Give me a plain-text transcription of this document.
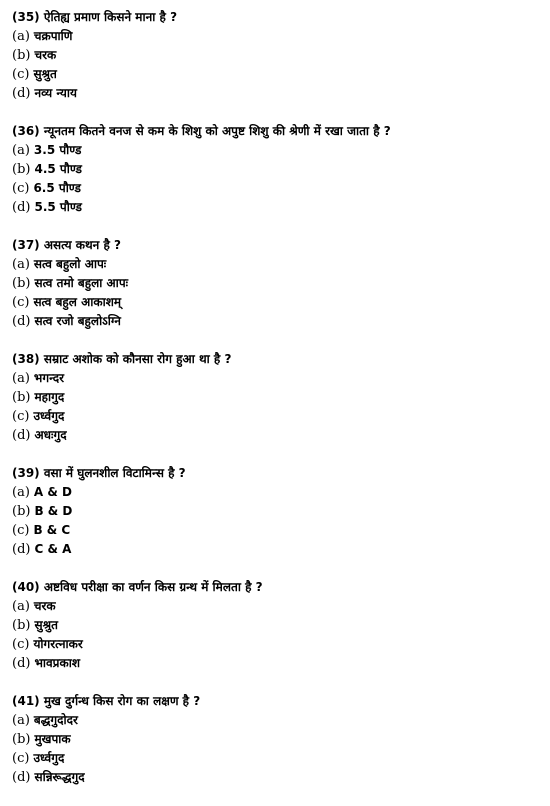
(35) ऐतिह्य प्रमाण किसने माना है ?
(a) चक्रपाणि
(b) चरक
(c) सुश्रुत
(d) नव्य न्याय
(36) न्यूनतम कितने वनज से कम के शिशु को अपुष्ट शिशु की श्रेणी में रखा जाता है ?
(a) 3.5 पौण्ड
(b) 4.5 पौण्ड
(c) 6.5 पौण्ड
(d) 5.5 पौण्ड
(37) असत्य कथन है ?
(a) सत्व बहुलो आपः
(b) सत्व तमो बहुला आपः
(c) सत्व बहुल आकाशम्
(d) सत्व रजो बहुलोऽग्नि
(38) सम्राट अशोक को कौनसा रोग हुआ था है ?
(a) भगन्दर
(b) महागुद
(c) उर्ध्वगुद
(d) अधःगुद
(39) वसा में घुलनशील विटामिन्स है ?
(a) A & D
(b) B & D
(c) B & C
(d) C & A
(40) अष्टविध परीक्षा का वर्णन किस ग्रन्थ में मिलता है ?
(a) चरक
(b) सुश्रुत
(c) योगरत्नाकर
(d) भावप्रकाश
(41) मुख दुर्गन्ध किस रोग का लक्षण है ?
(a) बद्धगुदोदर
(b) मुखपाक
(c) उर्ध्वगुद
(d) सन्निरूद्धगुद
